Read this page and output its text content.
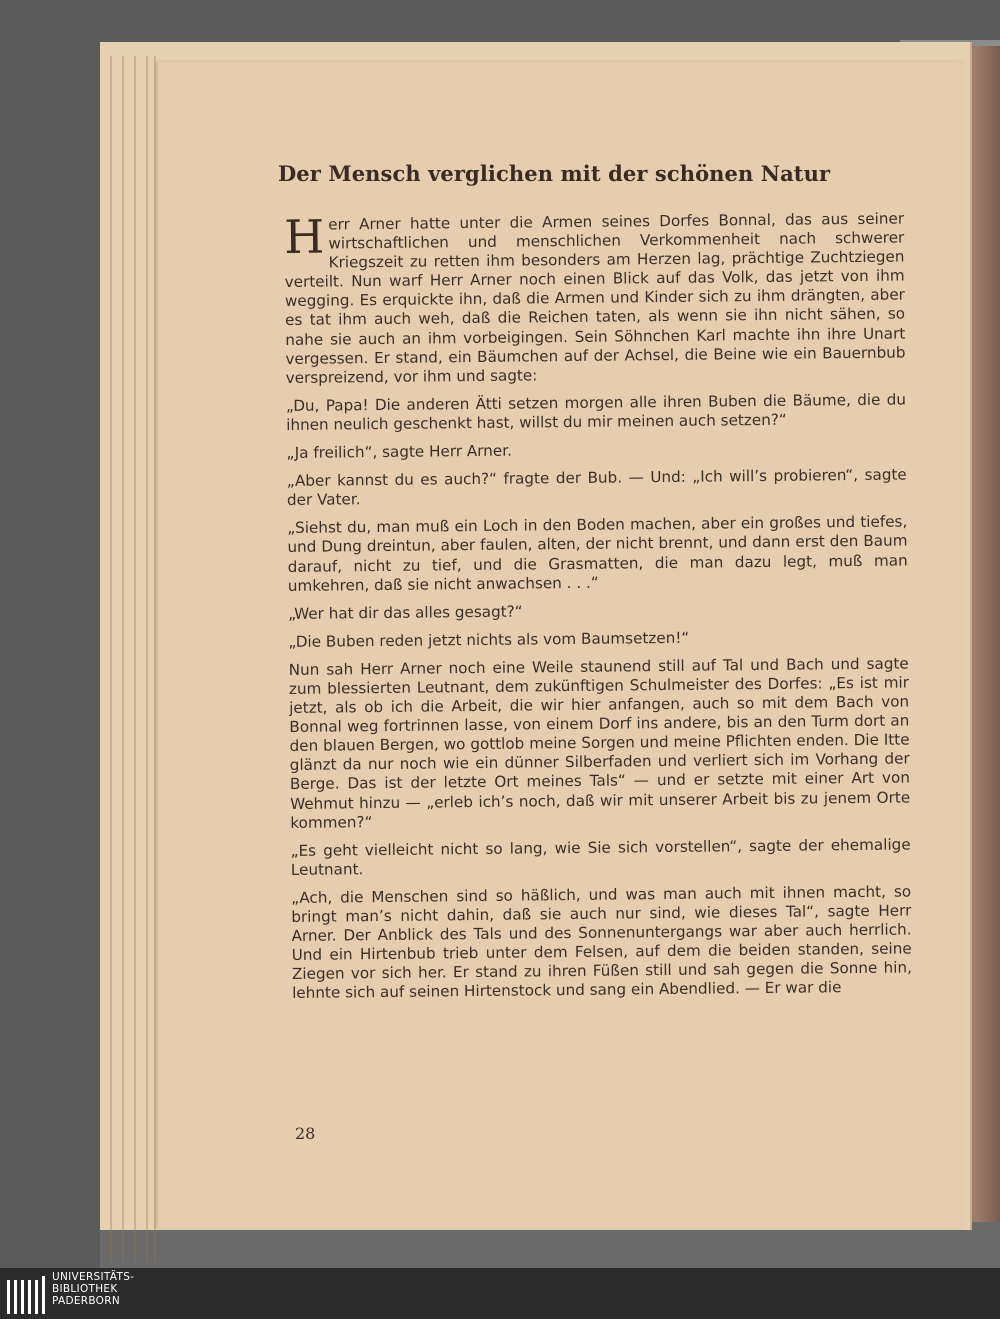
Der Mensch verglichen mit der schönen Natur

Herr Arner hatte unter die Armen seines Dorfes Bonnal, das aus seiner wirtschaftlichen und menschlichen Verkommenheit nach schwerer Kriegszeit zu retten ihm besonders am Herzen lag, prächtige Zuchtziegen verteilt. Nun warf Herr Arner noch einen Blick auf das Volk, das jetzt von ihm wegging. Es erquickte ihn, daß die Armen und Kinder sich zu ihm drängten, aber es tat ihm auch weh, daß die Reichen taten, als wenn sie ihn nicht sähen, so nahe sie auch an ihm vorbeigingen. Sein Söhnchen Karl machte ihn ihre Unart vergessen. Er stand, ein Bäumchen auf der Achsel, die Beine wie ein Bauernbub verspreizend, vor ihm und sagte:

„Du, Papa! Die anderen Ätti setzen morgen alle ihren Buben die Bäume, die du ihnen neulich geschenkt hast, willst du mir meinen auch setzen?“

„Ja freilich“, sagte Herr Arner.

„Aber kannst du es auch?“ fragte der Bub. — Und: „Ich will’s probieren“, sagte der Vater.

„Siehst du, man muß ein Loch in den Boden machen, aber ein großes und tiefes, und Dung dreintun, aber faulen, alten, der nicht brennt, und dann erst den Baum darauf, nicht zu tief, und die Grasmatten, die man dazu legt, muß man umkehren, daß sie nicht anwachsen . . .“

„Wer hat dir das alles gesagt?“

„Die Buben reden jetzt nichts als vom Baumsetzen!“

Nun sah Herr Arner noch eine Weile staunend still auf Tal und Bach und sagte zum blessierten Leutnant, dem zukünftigen Schulmeister des Dorfes: „Es ist mir jetzt, als ob ich die Arbeit, die wir hier anfangen, auch so mit dem Bach von Bonnal weg fortrinnen lasse, von einem Dorf ins andere, bis an den Turm dort an den blauen Bergen, wo gottlob meine Sorgen und meine Pflichten enden. Die Itte glänzt da nur noch wie ein dünner Silberfaden und verliert sich im Vorhang der Berge. Das ist der letzte Ort meines Tals“ — und er setzte mit einer Art von Wehmut hinzu — „erleb ich’s noch, daß wir mit unserer Arbeit bis zu jenem Orte kommen?“

„Es geht vielleicht nicht so lang, wie Sie sich vorstellen“, sagte der ehemalige Leutnant.

„Ach, die Menschen sind so häßlich, und was man auch mit ihnen macht, so bringt man’s nicht dahin, daß sie auch nur sind, wie dieses Tal“, sagte Herr Arner. Der Anblick des Tals und des Sonnenuntergangs war aber auch herrlich. Und ein Hirtenbub trieb unter dem Felsen, auf dem die beiden standen, seine Ziegen vor sich her. Er stand zu ihren Füßen still und sah gegen die Sonne hin, lehnte sich auf seinen Hirtenstock und sang ein Abendlied. — Er war die

28
UNIVERSITÄTS-
BIBLIOTHEK
PADERBORN
